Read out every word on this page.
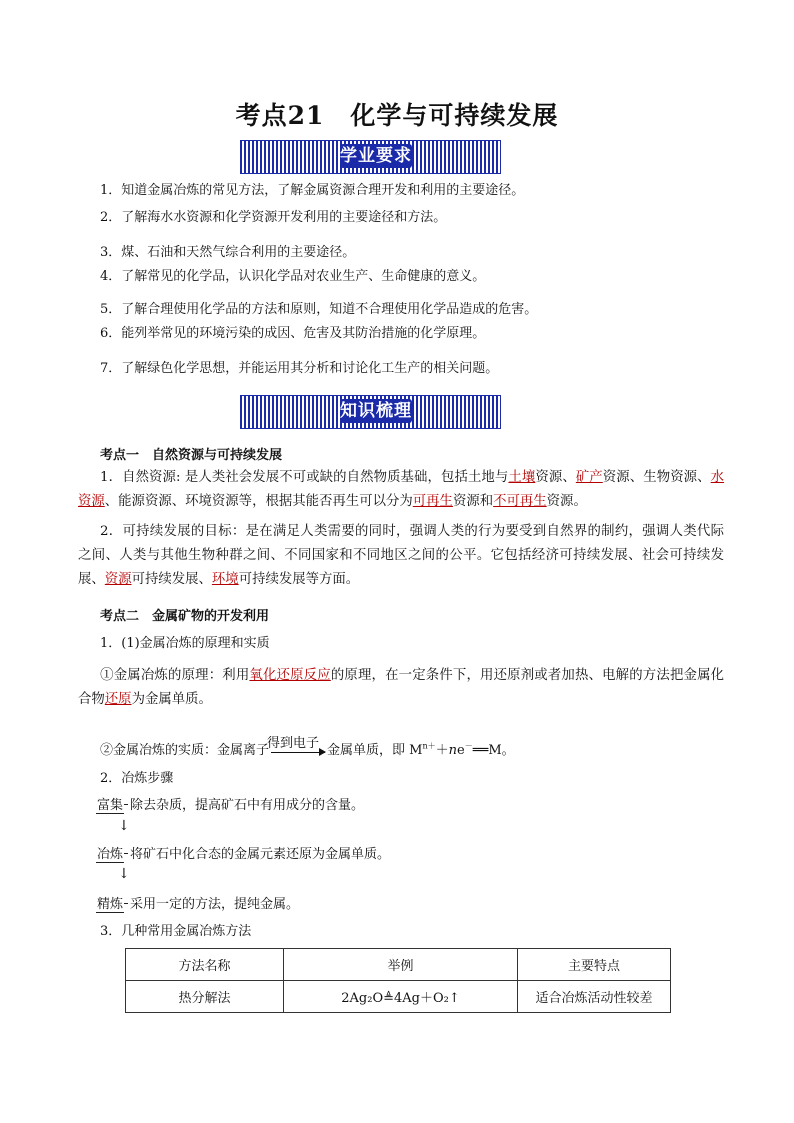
考点21　化学与可持续发展
学业要求
1．知道金属冶炼的常见方法，了解金属资源合理开发和利用的主要途径。
2．了解海水水资源和化学资源开发利用的主要途径和方法。
3．煤、石油和天然气综合利用的主要途径。
4．了解常见的化学品，认识化学品对农业生产、生命健康的意义。
5．了解合理使用化学品的方法和原则，知道不合理使用化学品造成的危害。
6．能列举常见的环境污染的成因、危害及其防治措施的化学原理。
7．了解绿色化学思想，并能运用其分析和讨论化工生产的相关问题。
知识梳理
考点一　自然资源与可持续发展
1．自然资源: 是人类社会发展不可或缺的自然物质基础，包括土地与土壤资源、矿产资源、生物资源、水资源、能源资源、环境资源等，根据其能否再生可以分为可再生资源和不可再生资源。
2．可持续发展的目标：是在满足人类需要的同时，强调人类的行为要受到自然界的制约，强调人类代际之间、人类与其他生物种群之间、不同国家和不同地区之间的公平。它包括经济可持续发展、社会可持续发展、资源可持续发展、环境可持续发展等方面。
考点二　金属矿物的开发利用
1．(1)金属冶炼的原理和实质
①金属冶炼的原理：利用氧化还原反应的原理，在一定条件下，用还原剂或者加热、电解的方法把金属化合物还原为金属单质。
②金属冶炼的实质：金属离子
得到电子 金属单质，即 $M^{n+}+ne^-══M$。
2．冶炼步骤
富集 除去杂质，提高矿石中有用成分的含量。
↓
冶炼 将矿石中化合态的金属元素还原为金属单质。
↓
精炼 采用一定的方法，提纯金属。
3．几种常用金属冶炼方法
方法名称	举例	主要特点
热分解法	2Ag₂O≜4Ag＋O₂↑	适合冶炼活动性较差
